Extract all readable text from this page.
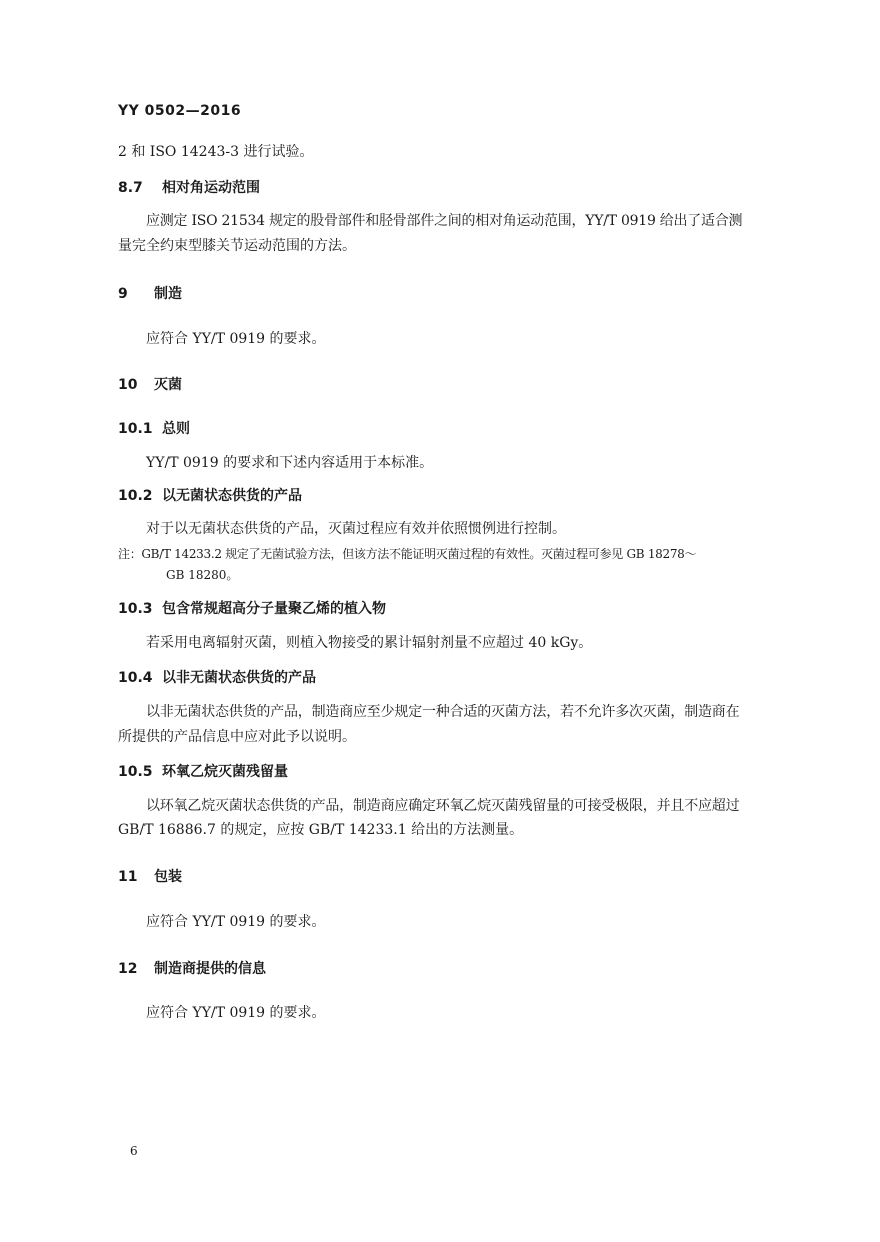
YY 0502—2016
2 和 ISO 14243-3 进行试验。
8.7 相对角运动范围
应测定 ISO 21534 规定的股骨部件和胫骨部件之间的相对角运动范围，YY/T 0919 给出了适合测
量完全约束型膝关节运动范围的方法。
9 制造
应符合 YY/T 0919 的要求。
10 灭菌
10.1 总则
YY/T 0919 的要求和下述内容适用于本标准。
10.2 以无菌状态供货的产品
对于以无菌状态供货的产品，灭菌过程应有效并依照惯例进行控制。
注：GB/T 14233.2 规定了无菌试验方法，但该方法不能证明灭菌过程的有效性。灭菌过程可参见 GB 18278～
GB 18280。
10.3 包含常规超高分子量聚乙烯的植入物
若采用电离辐射灭菌，则植入物接受的累计辐射剂量不应超过 40 kGy。
10.4 以非无菌状态供货的产品
以非无菌状态供货的产品，制造商应至少规定一种合适的灭菌方法，若不允许多次灭菌，制造商在
所提供的产品信息中应对此予以说明。
10.5 环氧乙烷灭菌残留量
以环氧乙烷灭菌状态供货的产品，制造商应确定环氧乙烷灭菌残留量的可接受极限，并且不应超过
GB/T 16886.7 的规定，应按 GB/T 14233.1 给出的方法测量。
11 包装
应符合 YY/T 0919 的要求。
12 制造商提供的信息
应符合 YY/T 0919 的要求。
6
